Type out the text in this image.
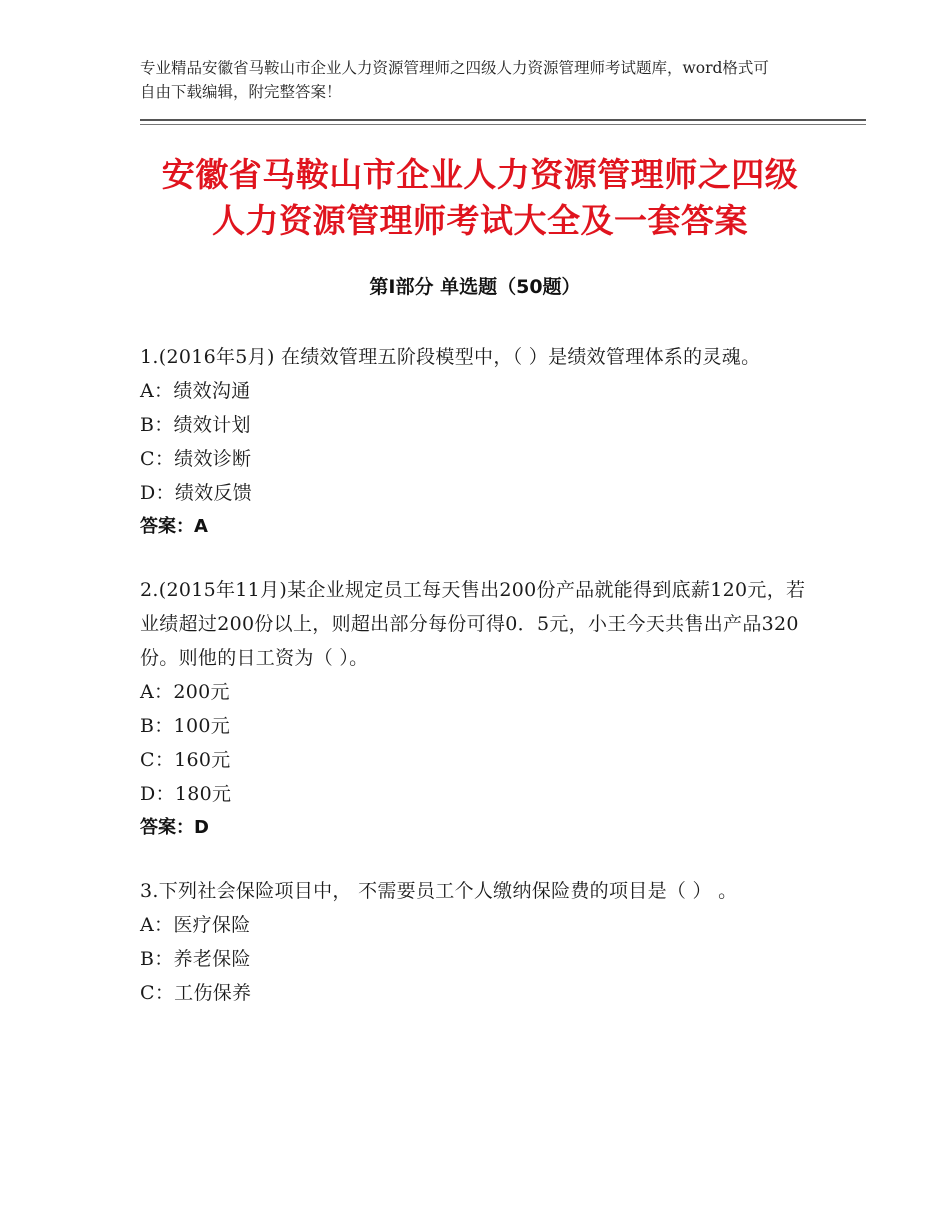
专业精品安徽省马鞍山市企业人力资源管理师之四级人力资源管理师考试题库，word格式可自由下载编辑，附完整答案！
安徽省马鞍山市企业人力资源管理师之四级
人力资源管理师考试大全及一套答案
第Ⅰ部分 单选题（50题）
1.(2016年5月) 在绩效管理五阶段模型中，（ ）是绩效管理体系的灵魂。
A：绩效沟通
B：绩效计划
C：绩效诊断
D：绩效反馈
答案：A
2.(2015年11月)某企业规定员工每天售出200份产品就能得到底薪120元，若业绩超过200份以上，则超出部分每份可得0．5元，小王今天共售出产品320份。则他的日工资为（ ）。
A：200元
B：100元
C：160元
D：180元
答案：D
3.下列社会保险项目中， 不需要员工个人缴纳保险费的项目是（ ） 。
A：医疗保险
B：养老保险
C：工伤保养
